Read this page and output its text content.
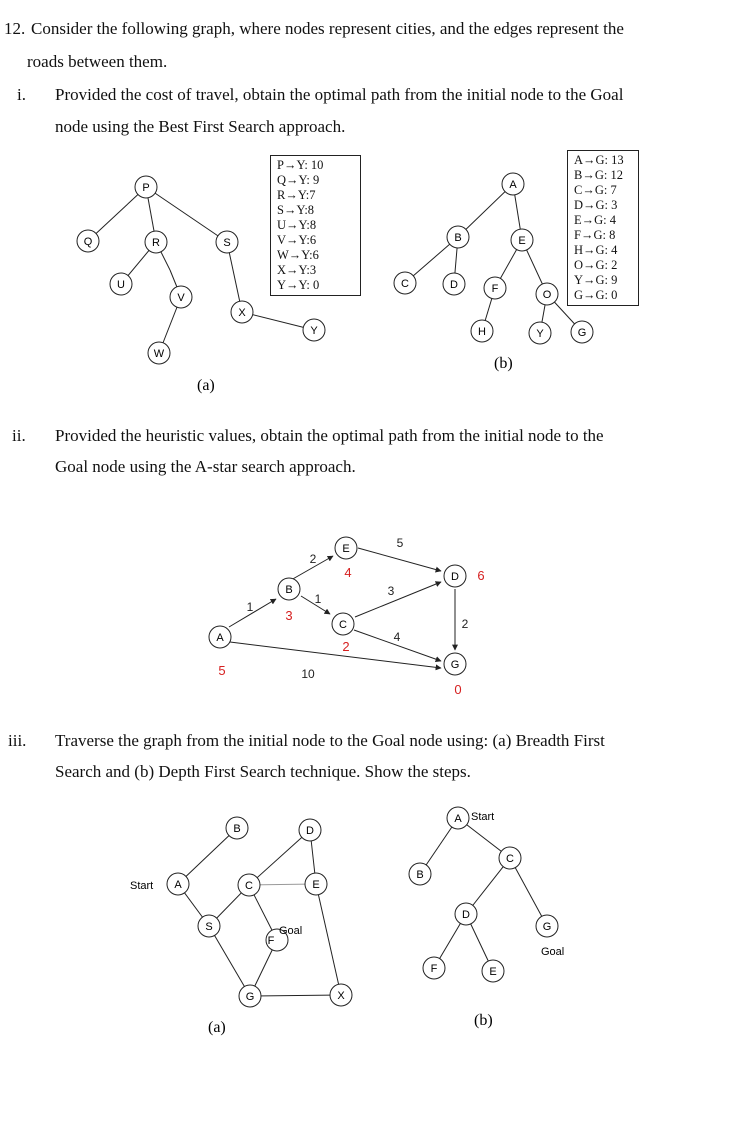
12. Consider the following graph, where nodes represent cities, and the edges represent the
roads between them.
i. Provided the cost of travel, obtain the optimal path from the initial node to the Goal
node using the Best First Search approach.
P→Y: 10
Q→Y: 9
R→Y:7
S→Y:8
U→Y:8
V→Y:6
W→Y:6
X→Y:3
Y→Y: 0
A→G: 13
B→G: 12
C→G: 7
D→G: 3
E→G: 4
F→G: 8
H→G: 4
O→G: 2
Y→G: 9
G→G: 0
ii. Provided the heuristic values, obtain the optimal path from the initial node to the
Goal node using the A-star search approach.
iii. Traverse the graph from the initial node to the Goal node using: (a) Breadth First
Search and (b) Depth First Search technique. Show the steps.
P
Q	R	S
U
V
W
X
Y
(a)
A
B
C	D
E
F
H
O
Y	G
(b)
1
2
1
5
3
4
2
10
A
B
C
D
E
G
5
3
2
6
4
0
A
B
C
D
E
S
F
G	X
Start
Goal
(a)
A
B
C
D
E
F
G
Start
Goal
(b)
